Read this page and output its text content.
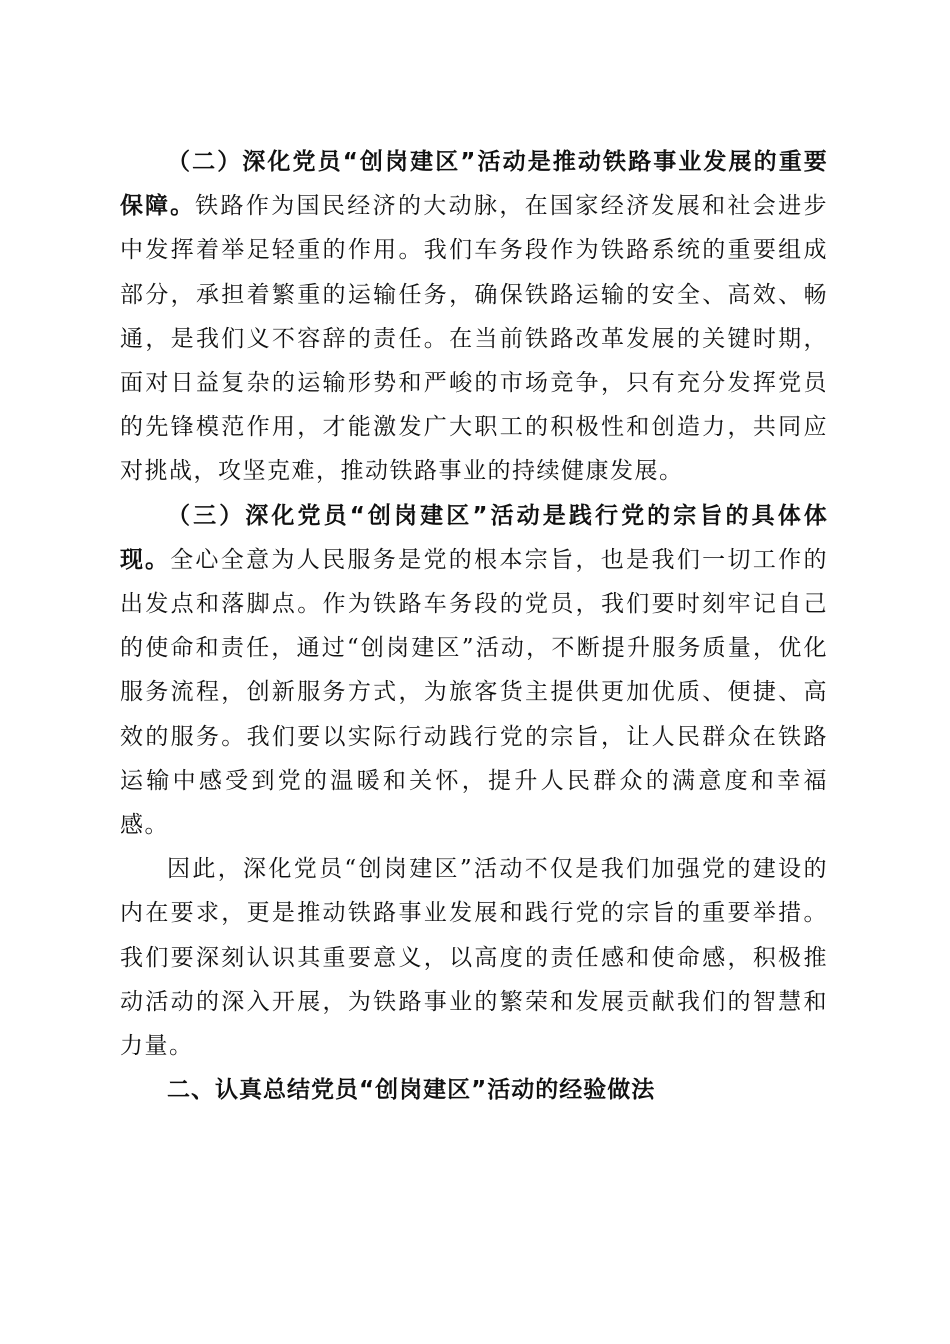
（二）深化党员“创岗建区”活动是推动铁路事业发展的重要保障。铁路作为国民经济的大动脉，在国家经济发展和社会进步中发挥着举足轻重的作用。我们车务段作为铁路系统的重要组成部分，承担着繁重的运输任务，确保铁路运输的安全、高效、畅通，是我们义不容辞的责任。在当前铁路改革发展的关键时期，面对日益复杂的运输形势和严峻的市场竞争，只有充分发挥党员的先锋模范作用，才能激发广大职工的积极性和创造力，共同应对挑战，攻坚克难，推动铁路事业的持续健康发展。

（三）深化党员“创岗建区”活动是践行党的宗旨的具体体现。全心全意为人民服务是党的根本宗旨，也是我们一切工作的出发点和落脚点。作为铁路车务段的党员，我们要时刻牢记自己的使命和责任，通过“创岗建区”活动，不断提升服务质量，优化服务流程，创新服务方式，为旅客货主提供更加优质、便捷、高效的服务。我们要以实际行动践行党的宗旨，让人民群众在铁路运输中感受到党的温暖和关怀，提升人民群众的满意度和幸福感。

因此，深化党员“创岗建区”活动不仅是我们加强党的建设的内在要求，更是推动铁路事业发展和践行党的宗旨的重要举措。我们要深刻认识其重要意义，以高度的责任感和使命感，积极推动活动的深入开展，为铁路事业的繁荣和发展贡献我们的智慧和力量。

二、认真总结党员“创岗建区”活动的经验做法
